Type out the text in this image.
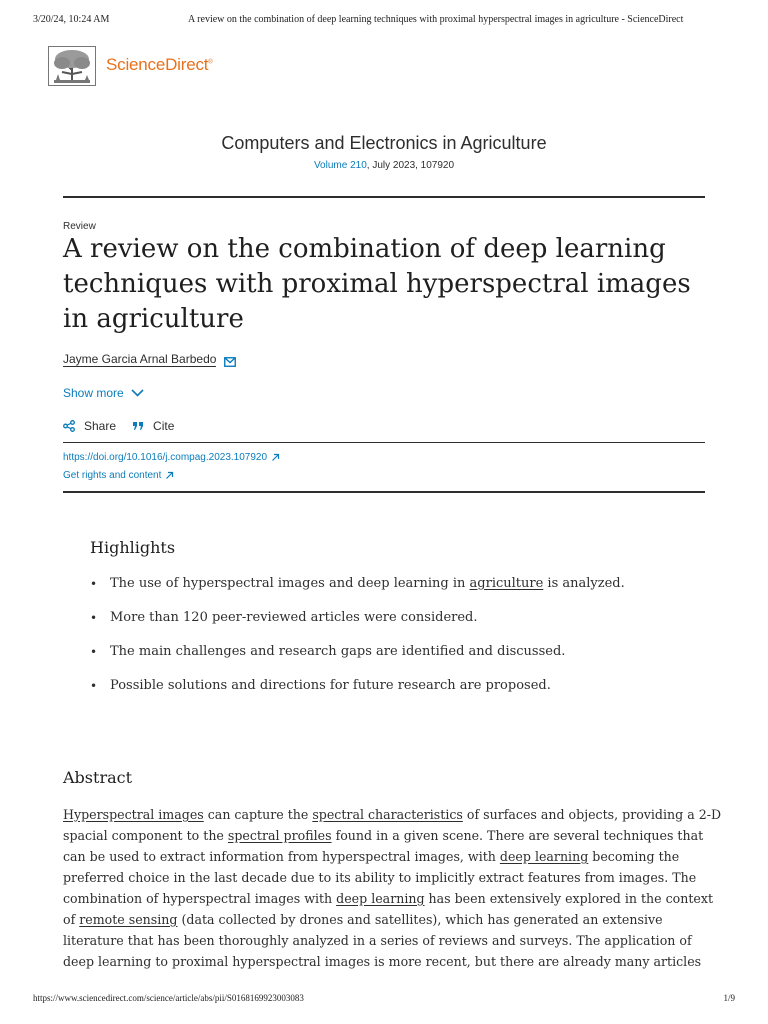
3/20/24, 10:24 AM	A review on the combination of deep learning techniques with proximal hyperspectral images in agriculture - ScienceDirect
ScienceDirect®
Computers and Electronics in Agriculture
Volume 210, July 2023, 107920
Review
A review on the combination of deep learning techniques with proximal hyperspectral images in agriculture
Jayme Garcia Arnal Barbedo
Show more
Share	Cite
https://doi.org/10.1016/j.compag.2023.107920
Get rights and content
Highlights
• The use of hyperspectral images and deep learning in agriculture is analyzed.
• More than 120 peer-reviewed articles were considered.
• The main challenges and research gaps are identified and discussed.
• Possible solutions and directions for future research are proposed.
Abstract
Hyperspectral images can capture the spectral characteristics of surfaces and objects, providing a 2-D
spacial component to the spectral profiles found in a given scene. There are several techniques that
can be used to extract information from hyperspectral images, with deep learning becoming the
preferred choice in the last decade due to its ability to implicitly extract features from images. The
combination of hyperspectral images with deep learning has been extensively explored in the context
of remote sensing (data collected by drones and satellites), which has generated an extensive
literature that has been thoroughly analyzed in a series of reviews and surveys. The application of
deep learning to proximal hyperspectral images is more recent, but there are already many articles
https://www.sciencedirect.com/science/article/abs/pii/S0168169923003083	1/9
